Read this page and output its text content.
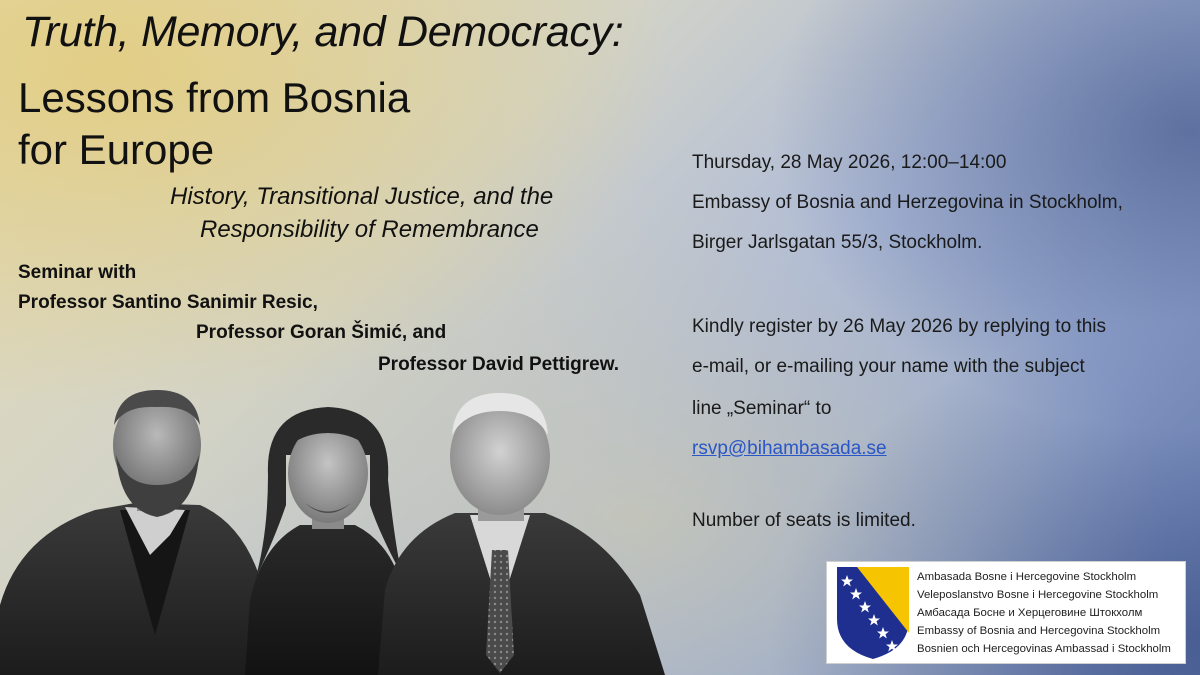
Truth, Memory, and Democracy:
Lessons from Bosnia
for Europe
History, Transitional Justice, and the
Responsibility of Remembrance
Seminar with
Professor Santino Sanimir Resic,
Professor Goran Šimić, and
Professor David Pettigrew.
Thursday, 28 May 2026, 12:00–14:00
Embassy of Bosnia and Herzegovina in Stockholm,
Birger Jarlsgatan 55/3, Stockholm.
Kindly register by 26 May 2026 by replying to this
e-mail, or e-mailing your name with the subject
line „Seminar“ to
rsvp@bihambasada.se
Number of seats is limited.
Ambasada Bosne i Hercegovine Stockholm
Veleposlanstvo Bosne i Hercegovine Stockholm
Амбасада Босне и Херцеговине Штокхолм
Embassy of Bosnia and Hercegovina Stockholm
Bosnien och Hercegovinas Ambassad i Stockholm
